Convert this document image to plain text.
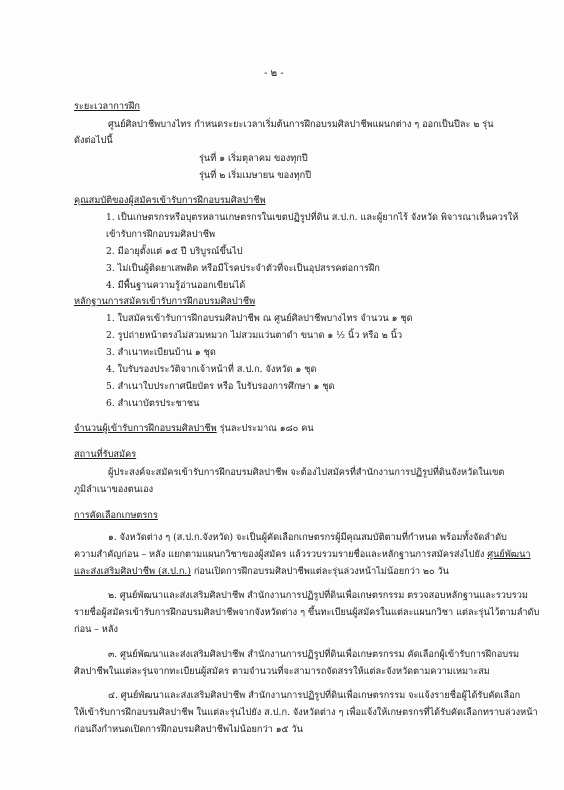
- ๒ -
ระยะเวลาการฝึก
ศูนย์ศิลปาชีพบางไทร กำหนดระยะเวลาเริ่มต้นการฝึกอบรมศิลปาชีพแผนกต่าง ๆ ออกเป็นปีละ ๒ รุ่น
ดังต่อไปนี้
รุ่นที่ ๑ เริ่มตุลาคม ของทุกปี
รุ่นที่ ๒ เริ่มเมษายน ของทุกปี
คุณสมบัติของผู้สมัครเข้ารับการฝึกอบรมศิลปาชีพ
1. เป็นเกษตรกรหรือบุตรหลานเกษตรกรในเขตปฏิรูปที่ดิน ส.ป.ก. และผู้ยากไร้ จังหวัด พิจารณาเห็นควรให้
เข้ารับการฝึกอบรมศิลปาชีพ
2. มีอายุตั้งแต่ ๑๕ ปี บริบูรณ์ขึ้นไป
3. ไม่เป็นผู้ติดยาเสพติด หรือมีโรคประจำตัวที่จะเป็นอุปสรรคต่อการฝึก
4. มีพื้นฐานความรู้อ่านออกเขียนได้
หลักฐานการสมัครเข้ารับการฝึกอบรมศิลปาชีพ
1. ใบสมัครเข้ารับการฝึกอบรมศิลปาชีพ ณ ศูนย์ศิลปาชีพบางไทร จำนวน ๑ ชุด
2. รูปถ่ายหน้าตรงไม่สวมหมวก ไม่สวมแว่นตาดำ ขนาด ๑ ½ นิ้ว หรือ ๒ นิ้ว
3. สำเนาทะเบียนบ้าน ๑ ชุด
4. ใบรับรองประวัติจากเจ้าหน้าที่ ส.ป.ก. จังหวัด ๑ ชุด
5. สำเนาใบประกาศนียบัตร หรือ ใบรับรองการศึกษา ๑ ชุด
6. สำเนาบัตรประชาชน
จำนวนผู้เข้ารับการฝึกอบรมศิลปาชีพ รุ่นละประมาณ ๑๘๐ คน
สถานที่รับสมัคร
ผู้ประสงค์จะสมัครเข้ารับการฝึกอบรมศิลปาชีพ จะต้องไปสมัครที่สำนักงานการปฏิรูปที่ดินจังหวัดในเขต
ภูมิลำเนาของตนเอง
การคัดเลือกเกษตรกร
๑. จังหวัดต่าง ๆ (ส.ป.ก.จังหวัด) จะเป็นผู้คัดเลือกเกษตรกรผู้มีคุณสมบัติตามที่กำหนด พร้อมทั้งจัดลำดับ
ความสำคัญก่อน – หลัง แยกตามแผนกวิชาของผู้สมัคร แล้วรวบรวมรายชื่อและหลักฐานการสมัครส่งไปยัง ศูนย์พัฒนา
และส่งเสริมศิลปาชีพ (ส.ป.ก.) ก่อนเปิดการฝึกอบรมศิลปาชีพแต่ละรุ่นล่วงหน้าไม่น้อยกว่า ๒๐ วัน
๒. ศูนย์พัฒนาและส่งเสริมศิลปาชีพ สำนักงานการปฏิรูปที่ดินเพื่อเกษตรกรรม ตรวจสอบหลักฐานและรวบรวม
รายชื่อผู้สมัครเข้ารับการฝึกอบรมศิลปาชีพจากจังหวัดต่าง ๆ ขึ้นทะเบียนผู้สมัครในแต่ละแผนกวิชา แต่ละรุ่นไว้ตามลำดับ
ก่อน – หลัง
๓. ศูนย์พัฒนาและส่งเสริมศิลปาชีพ สำนักงานการปฏิรูปที่ดินเพื่อเกษตรกรรม คัดเลือกผู้เข้ารับการฝึกอบรม
ศิลปาชีพในแต่ละรุ่นจากทะเบียนผู้สมัคร ตามจำนวนที่จะสามารถจัดสรรให้แต่ละจังหวัดตามความเหมาะสม
๔. ศูนย์พัฒนาและส่งเสริมศิลปาชีพ สำนักงานการปฏิรูปที่ดินเพื่อเกษตรกรรม จะแจ้งรายชื่อผู้ได้รับคัดเลือก
ให้เข้ารับการฝึกอบรมศิลปาชีพ ในแต่ละรุ่นไปยัง ส.ป.ก. จังหวัดต่าง ๆ เพื่อแจ้งให้เกษตรกรที่ได้รับคัดเลือกทราบล่วงหน้า
ก่อนถึงกำหนดเปิดการฝึกอบรมศิลปาชีพไม่น้อยกว่า ๑๕ วัน
